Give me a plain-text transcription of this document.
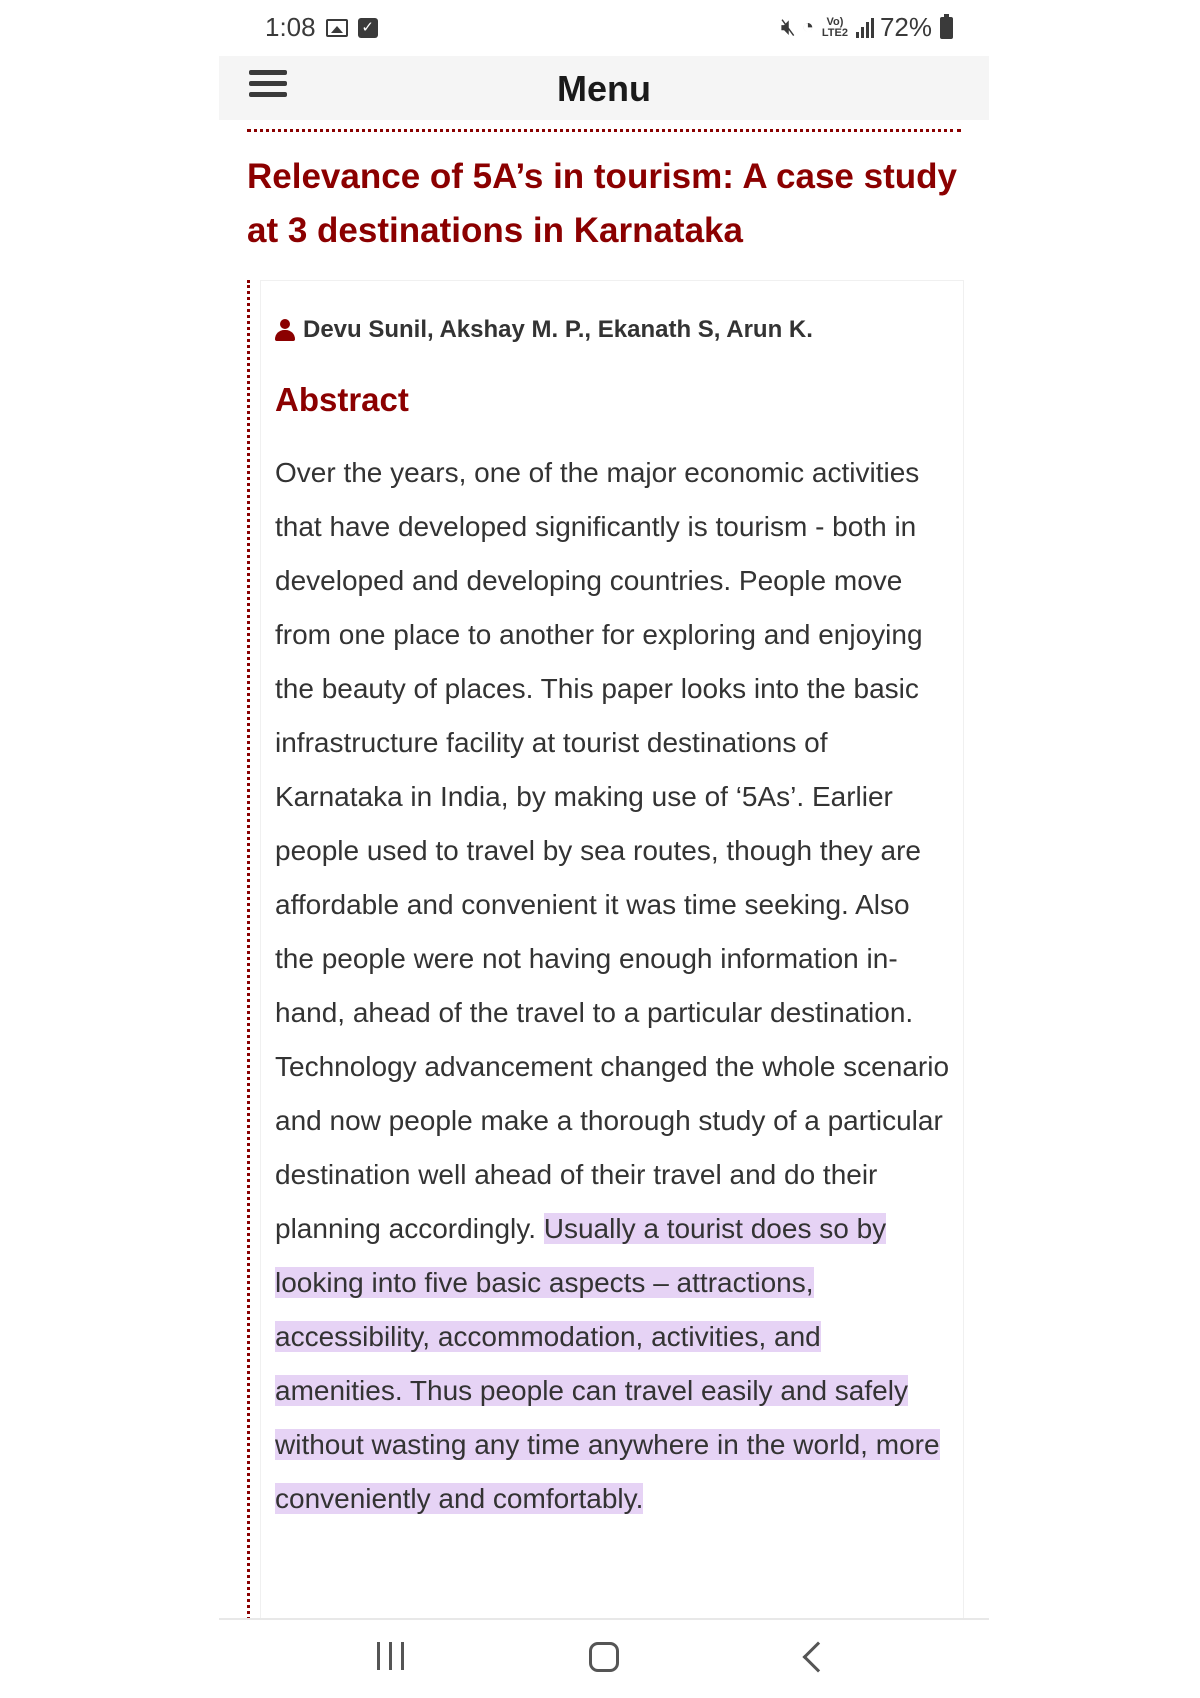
1:08	✓	🔇︎ ◔	Vo) LTE2 72%
Menu
Relevance of 5A’s in tourism: A case study at 3 destinations in Karnataka
Devu Sunil, Akshay M. P., Ekanath S, Arun K.
Abstract

Over the years, one of the major economic activities that have developed significantly is tourism - both in developed and developing countries. People move from one place to another for exploring and enjoying the beauty of places. This paper looks into the basic infrastructure facility at tourist destinations of Karnataka in India, by making use of ‘5As’. Earlier people used to travel by sea routes, though they are affordable and convenient it was time seeking. Also the people were not having enough information in-hand, ahead of the travel to a particular destination. Technology advancement changed the whole scenario and now people make a thorough study of a particular destination well ahead of their travel and do their planning accordingly. Usually a tourist does so by looking into five basic aspects – attractions, accessibility, accommodation, activities, and amenities. Thus people can travel easily and safely without wasting any time anywhere in the world, more conveniently and comfortably.
